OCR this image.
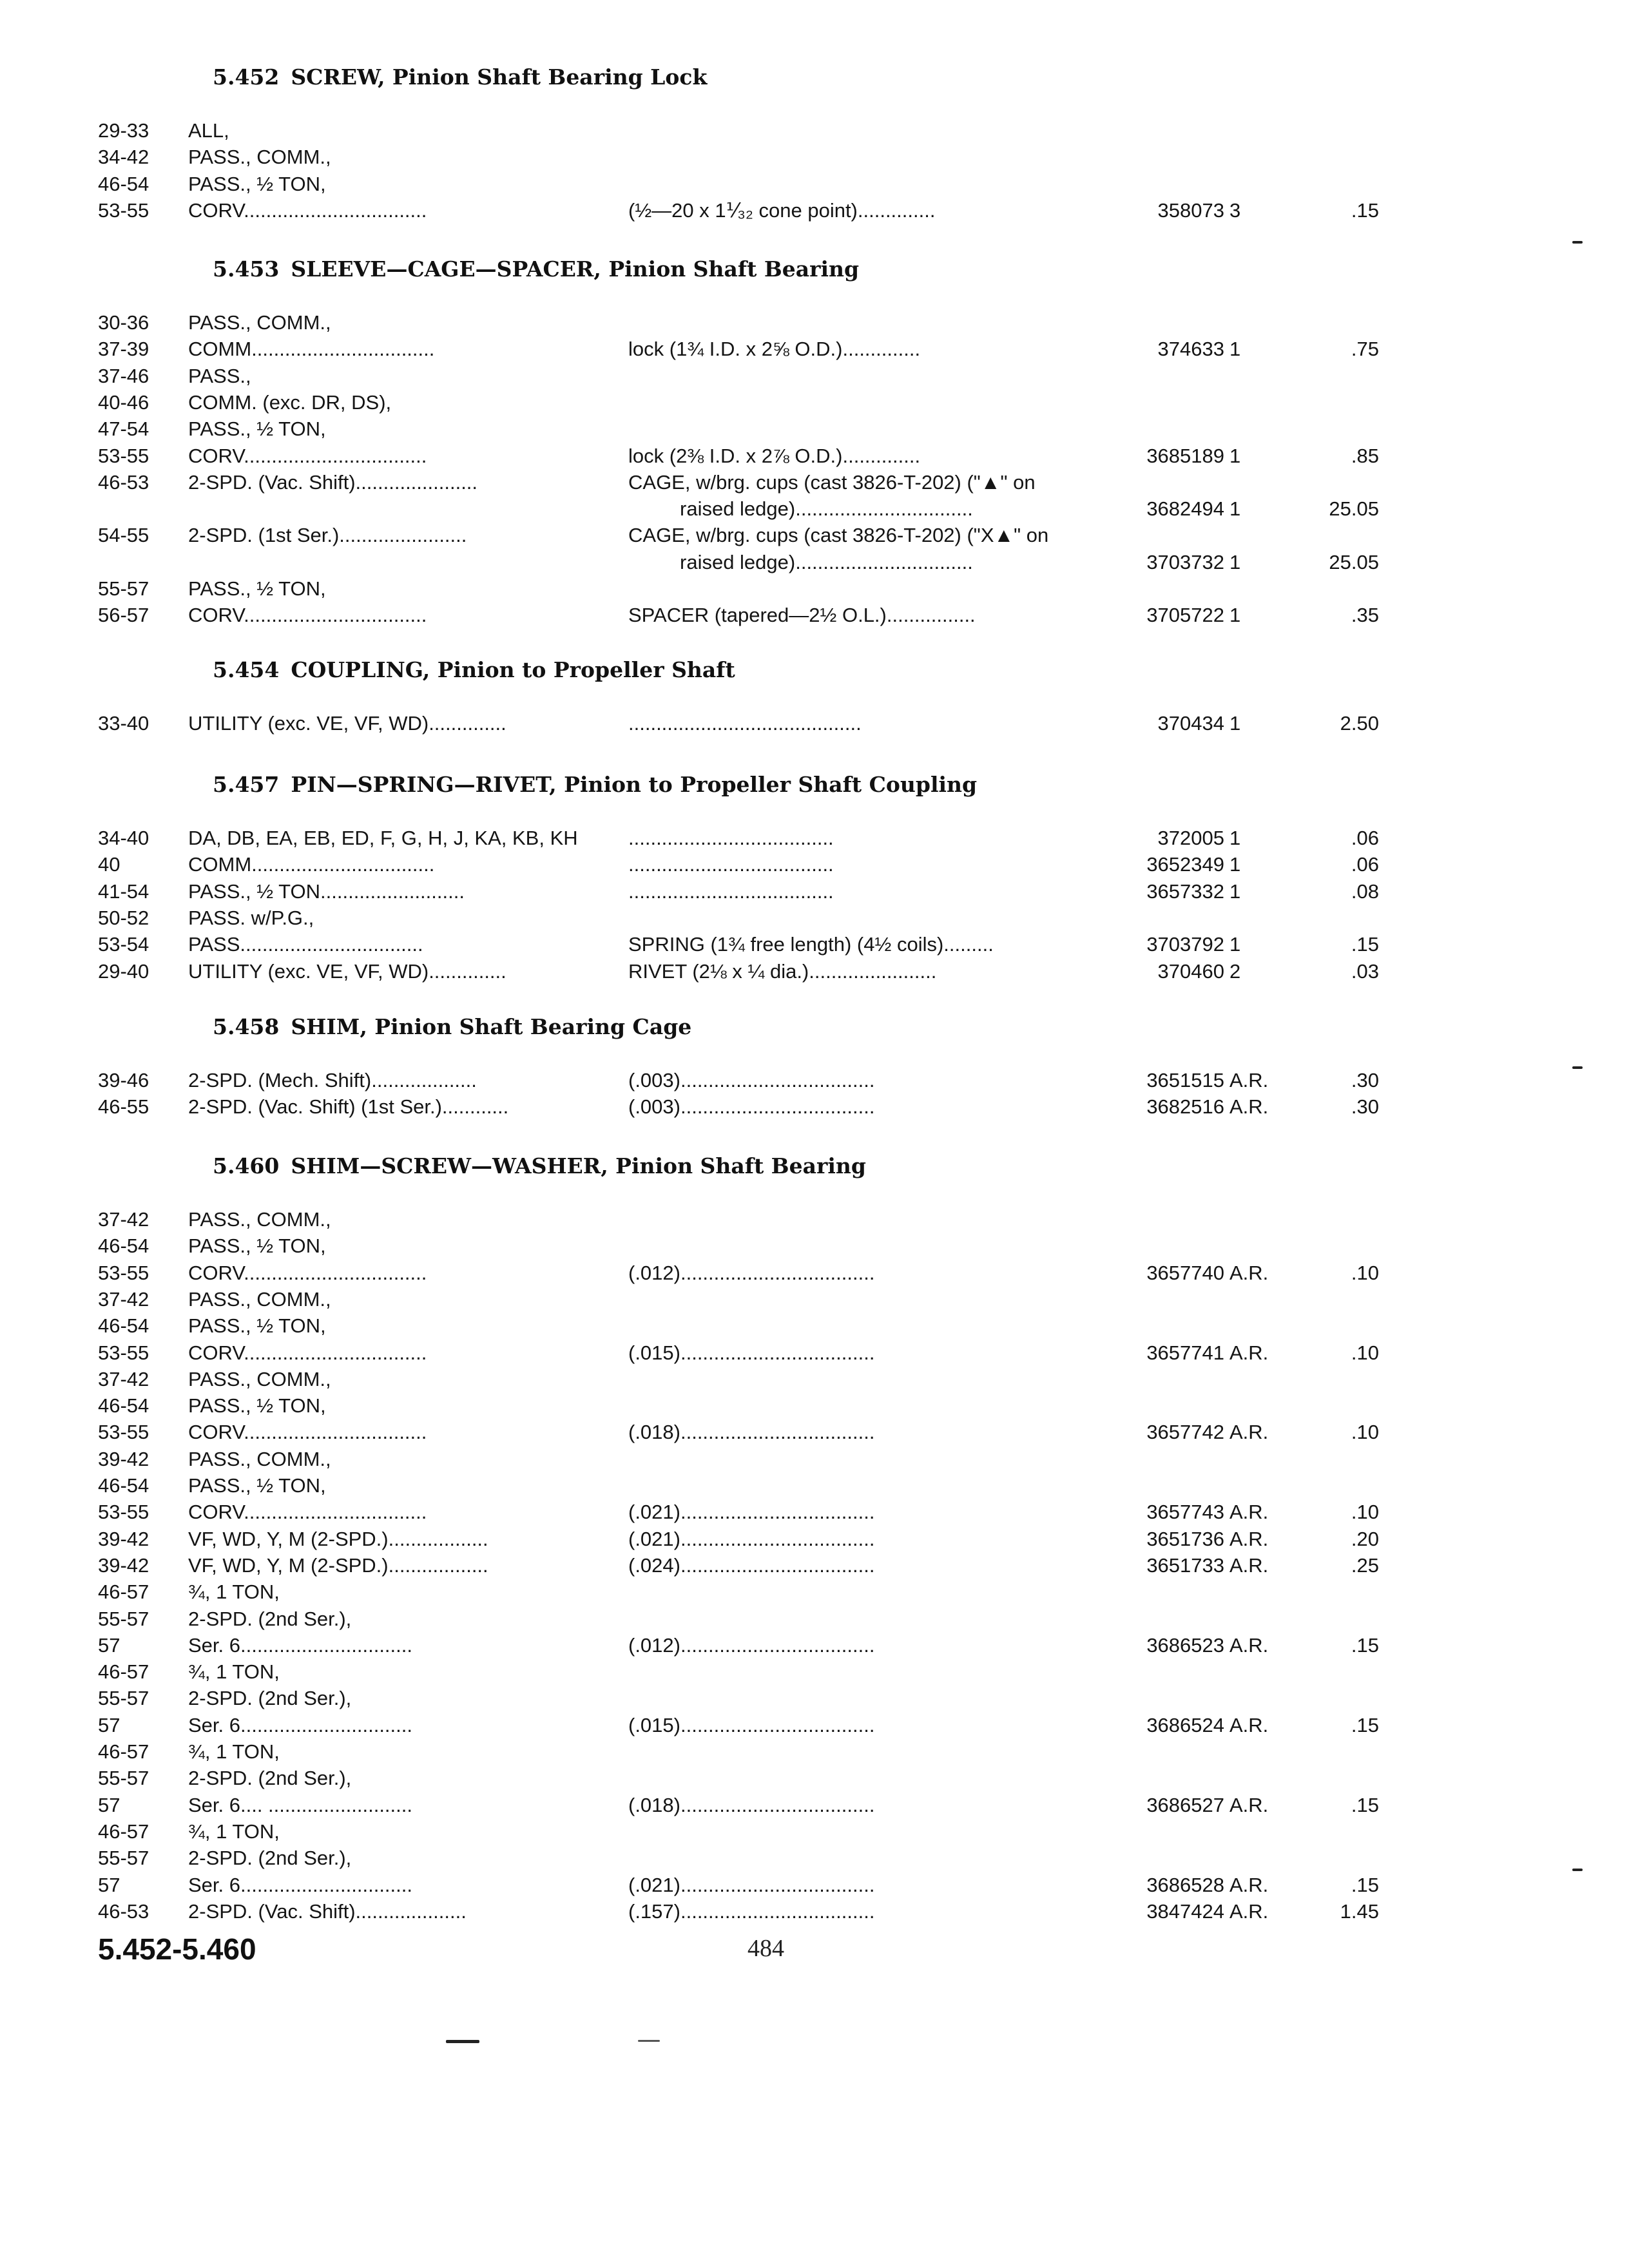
5.452 SCREW, Pinion Shaft Bearing Lock
29-33 ALL,
34-42 PASS., COMM.,
46-54 PASS., ½ TON,
53-55 CORV.................................	(½—20 x 1⅟₃₂ cone point)..............	358073 3	.15
5.453 SLEEVE—CAGE—SPACER, Pinion Shaft Bearing
30-36 PASS., COMM.,
37-39 COMM.................................	lock (1¾ I.D. x 2⅝ O.D.)..............	374633 1	.75
37-46 PASS.,
40-46 COMM. (exc. DR, DS),
47-54 PASS., ½ TON,
53-55 CORV.................................	lock (2⅜ I.D. x 2⅞ O.D.)..............	3685189 1	.85
46-53 2-SPD. (Vac. Shift)......................	CAGE, w/brg. cups (cast 3826-T-202) ("▲" on
raised ledge)................................	3682494 1	25.05
54-55 2-SPD. (1st Ser.).......................	CAGE, w/brg. cups (cast 3826-T-202) ("X▲" on
raised ledge)................................	3703732 1	25.05
55-57 PASS., ½ TON,
56-57 CORV.................................	SPACER (tapered—2½ O.L.)................	3705722 1	.35
5.454 COUPLING, Pinion to Propeller Shaft
33-40 UTILITY (exc. VE, VF, WD)..............	..........................................	370434 1	2.50
5.457 PIN—SPRING—RIVET, Pinion to Propeller Shaft Coupling
34-40 DA, DB, EA, EB, ED, F, G, H, J, KA, KB, KH	.....................................	372005 1	.06
40	COMM.................................	.....................................	3652349 1	.06
41-54 PASS., ½ TON..........................	.....................................	3657332 1	.08
50-52 PASS. w/P.G.,
53-54 PASS.................................	SPRING (1¾ free length) (4½ coils).........	3703792 1	.15
29-40 UTILITY (exc. VE, VF, WD)..............	RIVET (2⅛ x ¼ dia.).......................	370460 2	.03
5.458 SHIM, Pinion Shaft Bearing Cage
39-46 2-SPD. (Mech. Shift)...................	(.003)...................................	3651515 A.R.	.30
46-55 2-SPD. (Vac. Shift) (1st Ser.)............	(.003)...................................	3682516 A.R.	.30
5.460 SHIM—SCREW—WASHER, Pinion Shaft Bearing
37-42 PASS., COMM.,
46-54 PASS., ½ TON,
53-55 CORV.................................	(.012)...................................	3657740 A.R.	.10
37-42 PASS., COMM.,
46-54 PASS., ½ TON,
53-55 CORV.................................	(.015)...................................	3657741 A.R.	.10
37-42 PASS., COMM.,
46-54 PASS., ½ TON,
53-55 CORV.................................	(.018)...................................	3657742 A.R.	.10
39-42 PASS., COMM.,
46-54 PASS., ½ TON,
53-55 CORV.................................	(.021)...................................	3657743 A.R.	.10
39-42 VF, WD, Y, M (2-SPD.)..................	(.021)...................................	3651736 A.R.	.20
39-42 VF, WD, Y, M (2-SPD.)..................	(.024)...................................	3651733 A.R.	.25
46-57 ¾, 1 TON,
55-57 2-SPD. (2nd Ser.),
57	Ser. 6...............................	(.012)...................................	3686523 A.R.	.15
46-57 ¾, 1 TON,
55-57 2-SPD. (2nd Ser.),
57	Ser. 6...............................	(.015)...................................	3686524 A.R.	.15
46-57 ¾, 1 TON,
55-57 2-SPD. (2nd Ser.),
57	Ser. 6.... ..........................	(.018)...................................	3686527 A.R.	.15
46-57 ¾, 1 TON,
55-57 2-SPD. (2nd Ser.),
57	Ser. 6...............................	(.021)...................................	3686528 A.R.	.15
46-53 2-SPD. (Vac. Shift)....................	(.157)...................................	3847424 A.R.	1.45
5.452-5.460	484
